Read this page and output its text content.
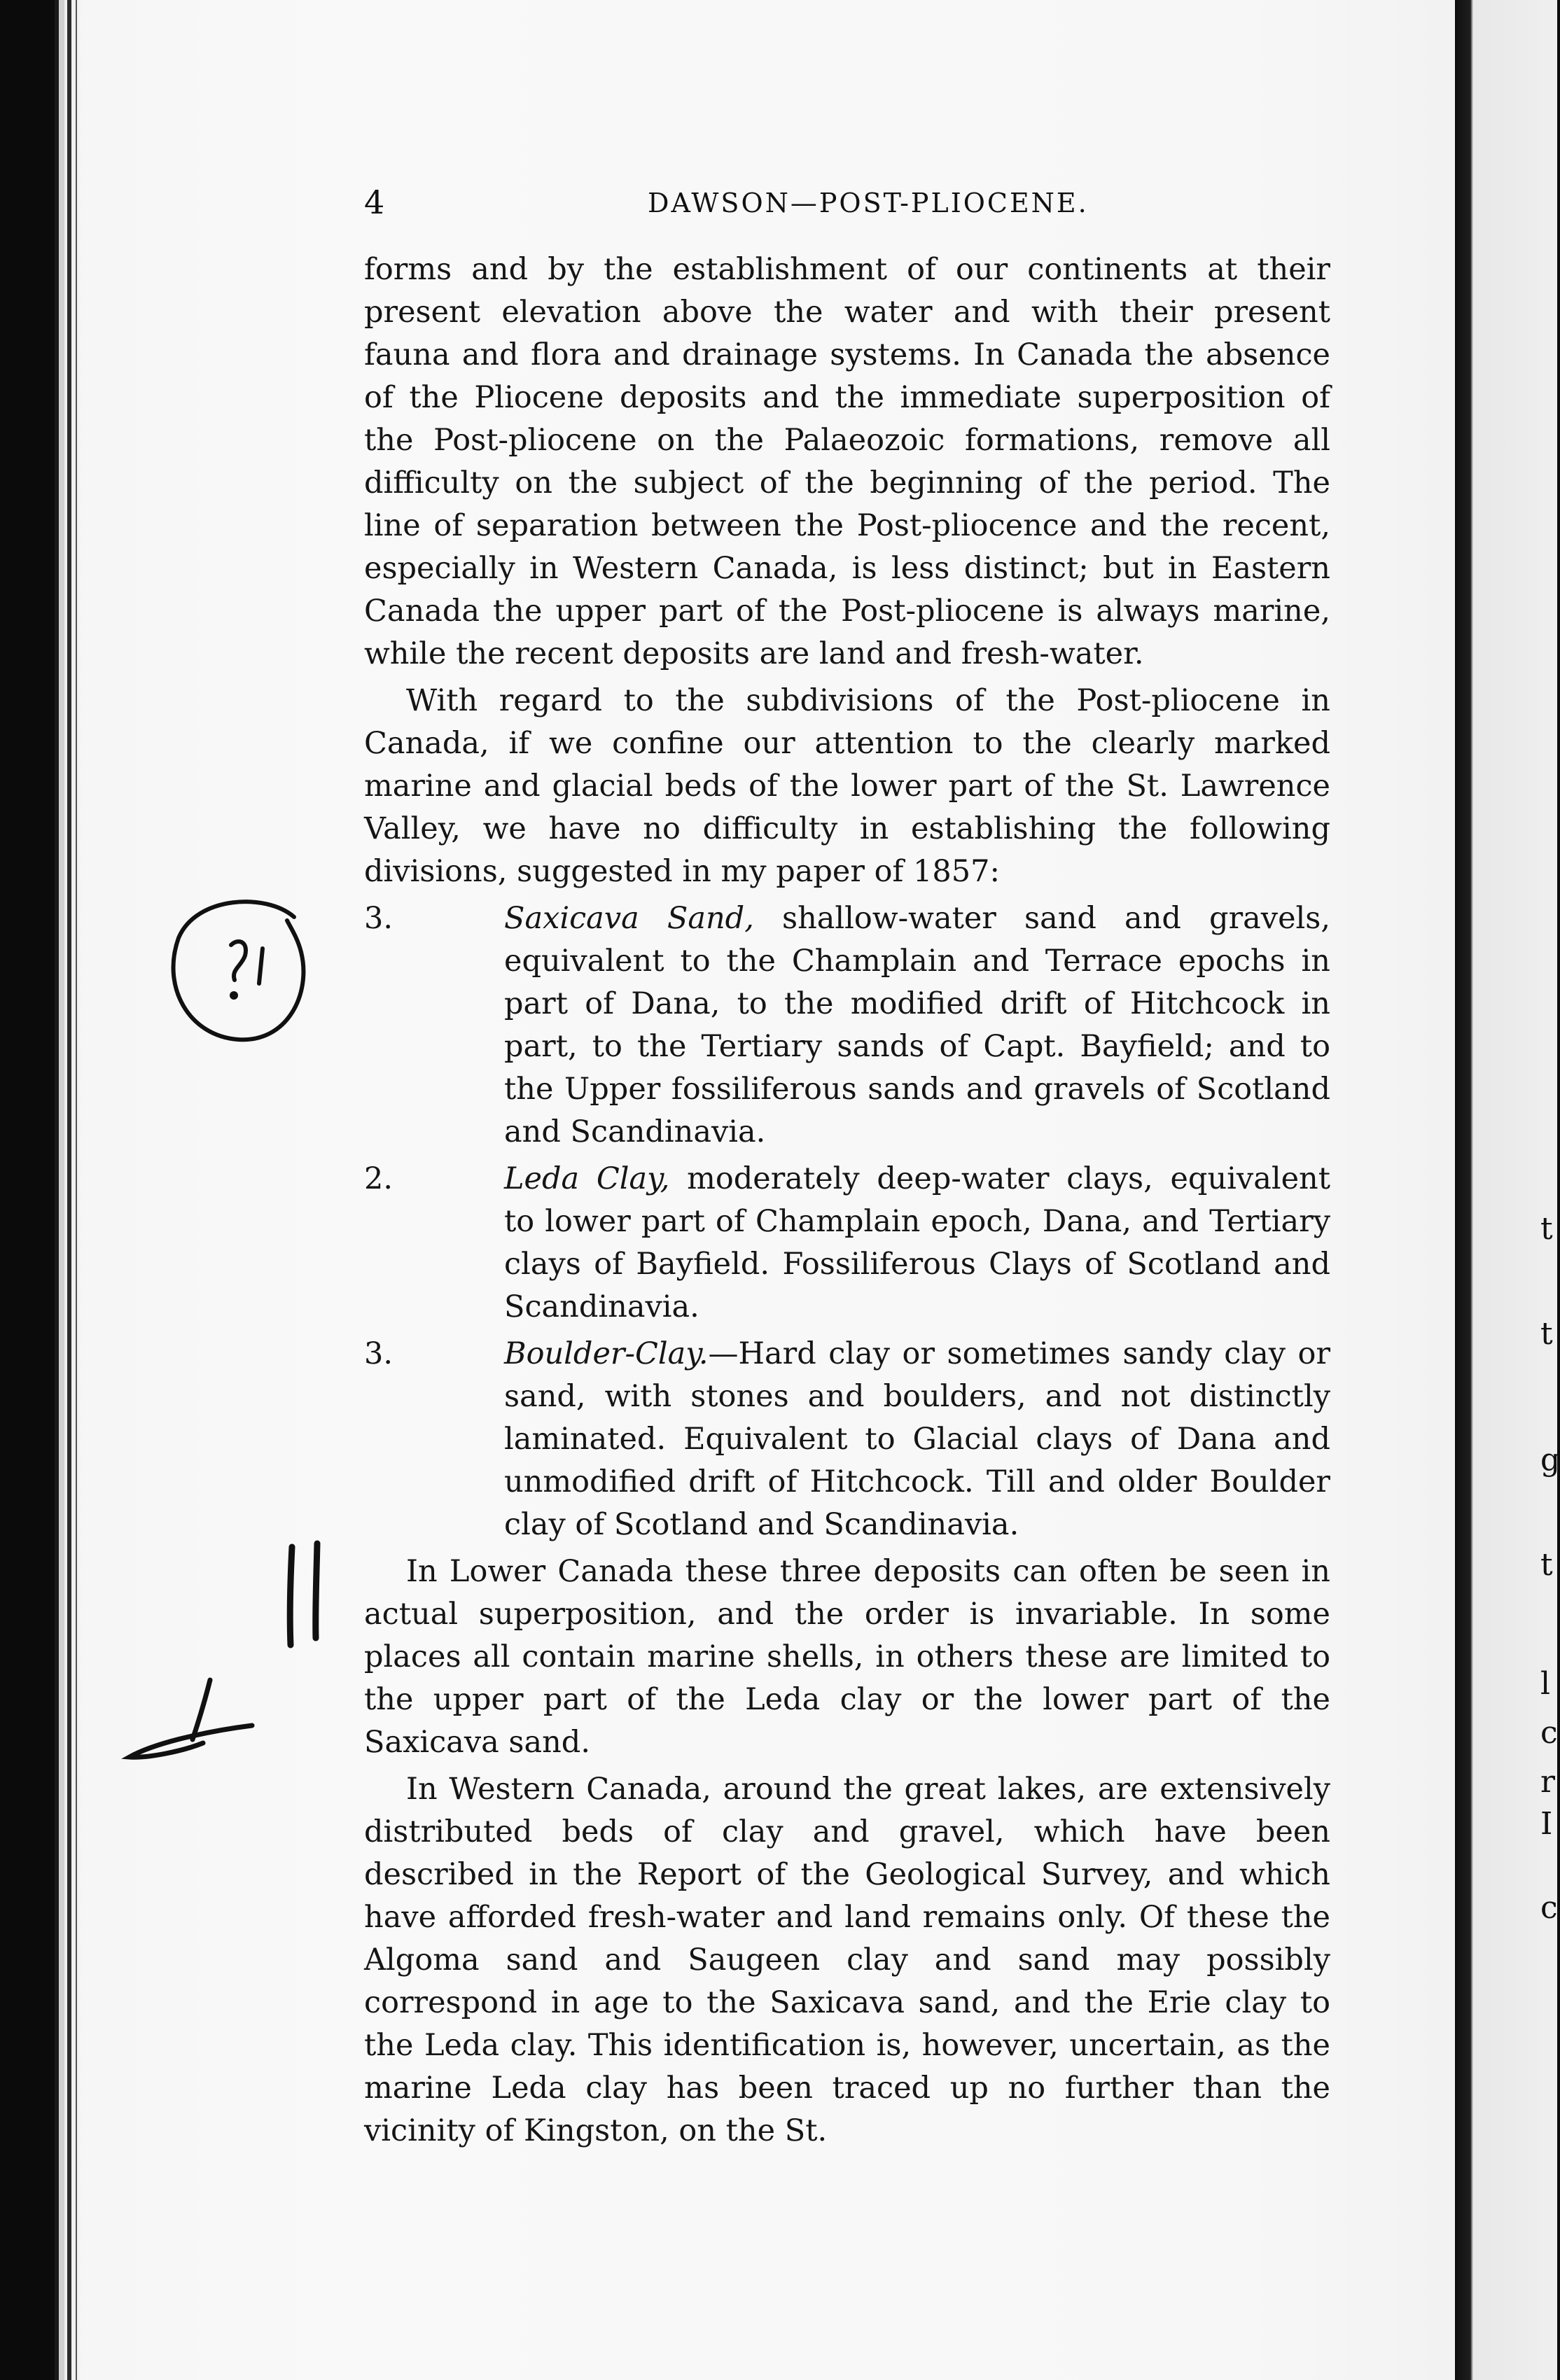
t
t
g
t
l
c
r
I
c
4	DAWSON—POST-PLIOCENE.

forms and by the establishment of our continents at their present elevation above the water and with their present fauna and flora and drainage systems. In Canada the absence of the Pliocene deposits and the immediate superposition of the Post-pliocene on the Palaeozoic formations, remove all difficulty on the subject of the beginning of the period. The line of separation between the Post-pliocence and the recent, especially in Western Canada, is less distinct; but in Eastern Canada the upper part of the Post-pliocene is always marine, while the recent deposits are land and fresh-water.

With regard to the subdivisions of the Post-pliocene in Canada, if we confine our attention to the clearly marked marine and glacial beds of the lower part of the St. Lawrence Valley, we have no difficulty in establishing the following divisions, suggested in my paper of 1857:

3.	Saxicava Sand, shallow-water sand and gravels, equivalent to the Champlain and Terrace epochs in part of Dana, to the modified drift of Hitchcock in part, to the Tertiary sands of Capt. Bayfield; and to the Upper fossiliferous sands and gravels of Scotland and Scandinavia.
2.	Leda Clay, moderately deep-water clays, equivalent to lower part of Champlain epoch, Dana, and Tertiary clays of Bayfield. Fossiliferous Clays of Scotland and Scandinavia.
3.	Boulder-Clay.—Hard clay or sometimes sandy clay or sand, with stones and boulders, and not distinctly laminated. Equivalent to Glacial clays of Dana and unmodified drift of Hitchcock. Till and older Boulder clay of Scotland and Scandinavia.

In Lower Canada these three deposits can often be seen in actual superposition, and the order is invariable. In some places all contain marine shells, in others these are limited to the upper part of the Leda clay or the lower part of the Saxicava sand.

In Western Canada, around the great lakes, are extensively distributed beds of clay and gravel, which have been described in the Report of the Geological Survey, and which have afforded fresh-water and land remains only. Of these the Algoma sand and Saugeen clay and sand may possibly correspond in age to the Saxicava sand, and the Erie clay to the Leda clay. This identification is, however, uncertain, as the marine Leda clay has been traced up no further than the vicinity of Kingston, on the St.
